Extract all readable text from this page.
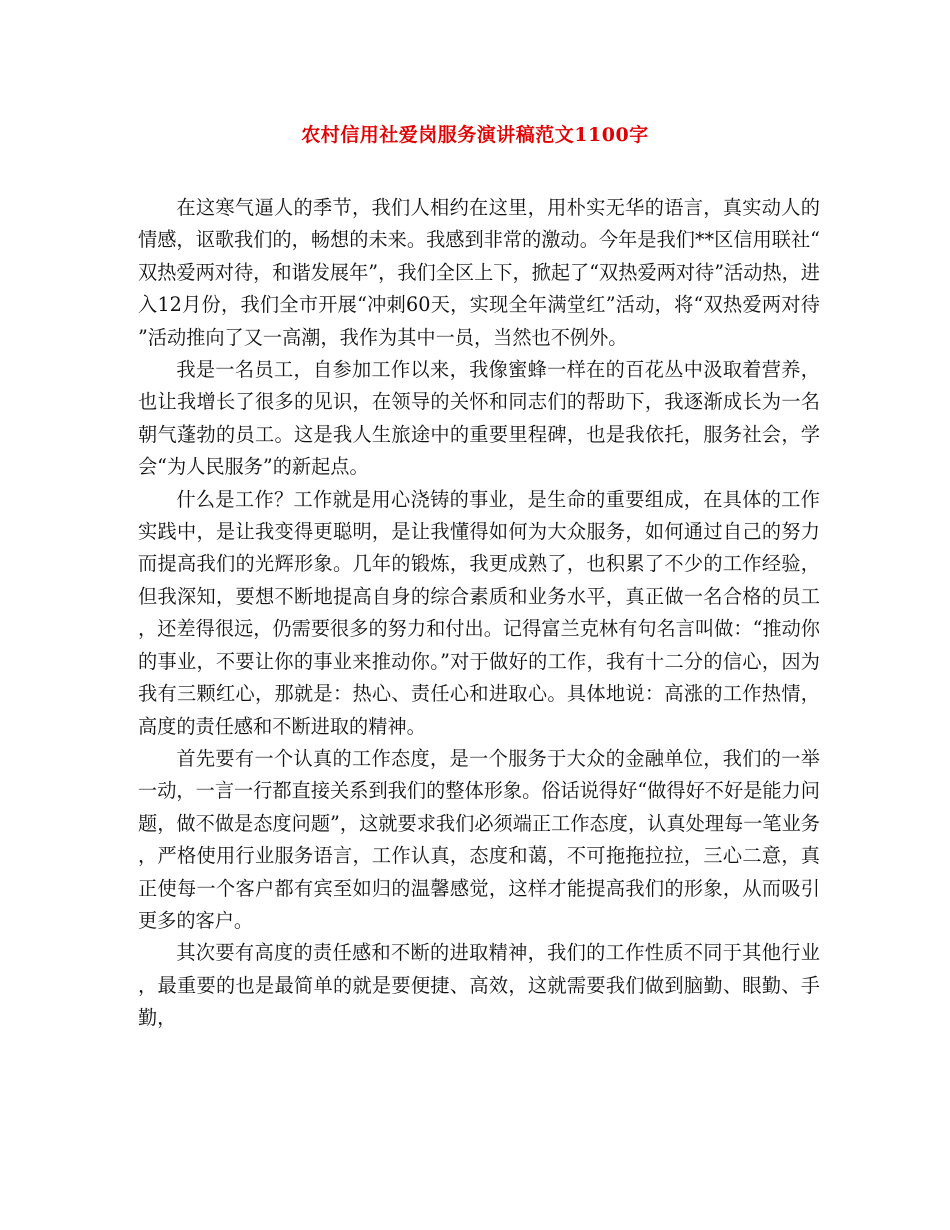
农村信用社爱岗服务演讲稿范文1100字

在这寒气逼人的季节，我们人相约在这里，用朴实无华的语言，真实动人的情感，讴歌我们的，畅想的未来。我感到非常的激动。今年是我们**区信用联社“双热爱两对待，和谐发展年”，我们全区上下，掀起了“双热爱两对待”活动热，进入12月份，我们全市开展“冲刺60天，实现全年满堂红”活动，将“双热爱两对待”活动推向了又一高潮，我作为其中一员，当然也不例外。

我是一名员工，自参加工作以来，我像蜜蜂一样在的百花丛中汲取着营养，也让我增长了很多的见识，在领导的关怀和同志们的帮助下，我逐渐成长为一名朝气蓬勃的员工。这是我人生旅途中的重要里程碑，也是我依托，服务社会，学会“为人民服务”的新起点。

什么是工作？工作就是用心浇铸的事业，是生命的重要组成，在具体的工作实践中，是让我变得更聪明，是让我懂得如何为大众服务，如何通过自己的努力而提高我们的光辉形象。几年的锻炼，我更成熟了，也积累了不少的工作经验，但我深知，要想不断地提高自身的综合素质和业务水平，真正做一名合格的员工，还差得很远，仍需要很多的努力和付出。记得富兰克林有句名言叫做：“推动你的事业，不要让你的事业来推动你。”对于做好的工作，我有十二分的信心，因为我有三颗红心，那就是：热心、责任心和进取心。具体地说：高涨的工作热情，高度的责任感和不断进取的精神。

首先要有一个认真的工作态度，是一个服务于大众的金融单位，我们的一举一动，一言一行都直接关系到我们的整体形象。俗话说得好“做得好不好是能力问题，做不做是态度问题”，这就要求我们必须端正工作态度，认真处理每一笔业务，严格使用行业服务语言，工作认真，态度和蔼，不可拖拖拉拉，三心二意，真正使每一个客户都有宾至如归的温馨感觉，这样才能提高我们的形象，从而吸引更多的客户。

其次要有高度的责任感和不断的进取精神，我们的工作性质不同于其他行业，最重要的也是最简单的就是要便捷、高效，这就需要我们做到脑勤、眼勤、手勤，
